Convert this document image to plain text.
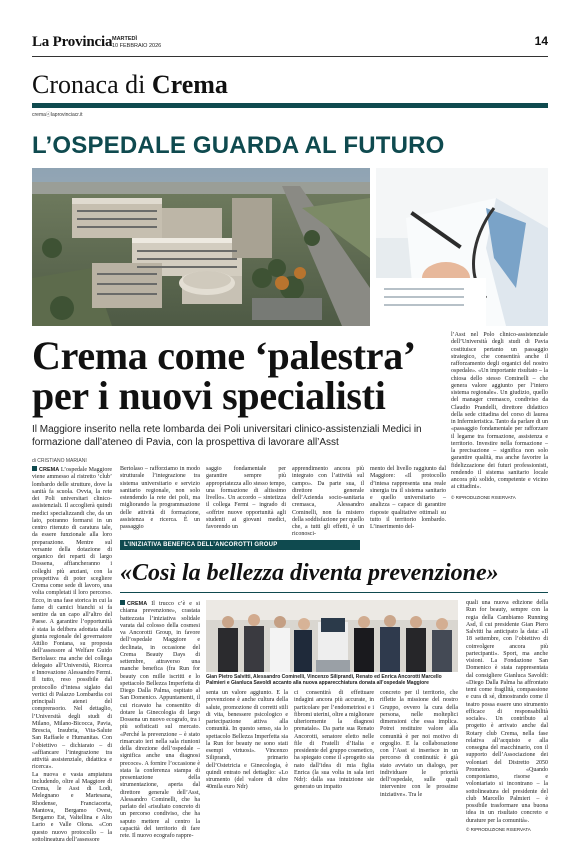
La Provincia MARTEDÌ
10 FEBBRAIO 2026	14
Cronaca di Crema
cremaⓐlaprovinciacr.it
L’OSPEDALE GUARDA AL FUTURO
Crema come ‘palestra’ per i nuovi specialisti
Il Maggiore inserito nella rete lombarda dei Poli universitari clinico-assistenziali Medici in formazione dall’ateneo di Pavia, con la prospettiva di lavorare all’Asst
l’Asst nel Polo clinico-assistenziale dell’Università degli studi di Pavia costituisce pertanto un passaggio strategico, che consentirà anche il rafforzamento degli organici del nostro ospedale». «Un importante risultato – la chiosa dello stesso Cominelli – che genera valore aggiunto per l’intero sistema regionale». Un giudizio, quello del manager cremasco, condiviso da Claudio Prandelli, direttore didattico della sede cittadina del corso di laurea in Infermieristica. Tanto da parlare di un «passaggio fondamentale per rafforzare il legame tra formazione, assistenza e territorio. Investire nella formazione – la precisazione – significa non solo garantire qualità, ma anche favorire la fidelizzazione dei futuri professionisti, rendendo il sistema sanitario locale ancora più solido, competente e vicino ai cittadini».
© RIPRODUZIONE RISERVATA
di CRISTIANO MARIANI
CREMA L’ospedale Maggiore viene ammesso al ristretto ‘club’ lombardo delle strutture, dove la sanità fa scuola. Ovvia, la rete dei Poli universitari clinico-assistenziali. Il accoglierà quindi medici specializzandi che, da un lato, potranno formarsi in un centro ritenuto di caratura tale, da essere funzionale alla loro preparazione. Mentre sul versante della dotazione di organico dei reparti di largo Dossena, affiancheranno i colleghi più anziani, con la prospettiva di poter scegliere Crema come sede di lavoro, una volta completati il loro percorso. Ecco, in una fase storica in cui la fame di camici bianchi si fa sentire da un capo all’altro del Paese. A garantire l’opportunità è stata la delibera adottata dalla giunta regionale del governatore Attilio Fontana, su proposta dell’assessore al Welfare Guido Bertolaso: ma anche del collega delegato all’Università, Ricerca e Innovazione Alessandro Fermi. Il tutto, reso possibile dal protocollo d’intesa siglato dai vertici di Palazzo Lombardia coi principali atenei del comprensorio. Nel dettaglio, l’Università degli studi di Milano, Milano-Bicocca, Pavia, Brescia, Insubria, Vita-Salute San Raffaele e Humanitas. Con l’obiettivo – dichiarato – di «affiancare l’integrazione tra attività assistenziale, didattica e ricerca».
La nuova e vasta ampiatura includendo, oltre al Maggiore di Crema, le Asst di Lodi, Melegnano e Martesana, Rhodense, Franciacorta, Mantova, Bergamo Ovest, Bergamo Est, Valtellina e Alto Lario e Valle Olona. «Con questo nuovo protocollo – la sottolineatura dell’assessore
Bertolaso – rafforziamo in modo strutturale l’integrazione tra sistema universitario e servizio sanitario regionale, non solo estendendo la rete dei poli, ma migliorando la programmazione delle attività di formazione, assistenza e ricerca. È un passaggio
saggio fondamentale per garantire sempre più appropriatezza allo stesso tempo, una formazione di altissimo livello». Un accordo – sintetizza il collega Fermi – ingrado di «offrire nuove opportunità agli studenti ai giovani medici, favorendo un
apprendimento ancora più integrato con l’attività sul campo». Da parte sua, il direttore generale dell’Azienda socio-sanitaria cremasca, Alessandro Cominelli, non fa mistero della soddisfazione per quello che, a tutti gli effetti, è un riconosci-
mento del livello raggiunto dal Maggiore: «Il protocollo d’intesa rappresenta una reale sinergia tra il sistema sanitario e quello universitario – analizza – capace di garantire risposte qualitative ottimali su tutto il territorio lombardo. L’inserimento del-
L’INIZIATIVA BENEFICA DELL’ANCOROTTI GROUP
«Così la bellezza diventa prevenzione»
CREMA Il trucco c’è e si chiama prevenzione», crastata battezzata l’iniziativa solidale varata dal colosso della cosmesi va Ancorotti Group, in favore dell’ospedale Maggiore e declinata, in occasione del Crema Beauty Days di settembre, attraverso una manche benefica (fra Run for beauty con mille iscritti e lo spettacolo Bellezza Imperfetta di Diego Dalla Palma, ospitato al San Domenico. Appuntamenti, il cui ricavato ha consentito di dotare la Ginecologia di largo Dossena un nuovo ecografo, tra i più sofisticati sul mercato. «Perché la prevenzione – è stato rimarcato ieri nella sala riunioni della direzione dell’ospedale – significa anche una diagnosi precoce». A fornire l’occasione è stata la conferenza stampa di presentazione della strumentazione, aperta dal direttore generale dell’Asst, Alessandro Cominelli, che ha parlato del «risultato concreto di un percorso condiviso, che ha saputo mettere al centro la capacità del territorio di fare rete. Il nuovo ecografo rappre-
Gian Pietro Salvitti, Alessandro Cominelli, Vincenzo Siliprandi, Renato ed Enrica Ancorotti Marcello Palmieri e Gianluca Savoldi accanto alla nuova apparecchiatura donata all’ospedale Maggiore
senta un valore aggiunto. E la prevenzione è anche cultura della salute, promozione di corretti stili di vita, benessere psicologico e partecipazione attiva alla comunità. In questo senso, sia lo spettacolo Bellezza Imperfetta sia la Run for beauty ne sono stati esempi virtuosi». Vincenzo Siliprandi, primario dell’Ostetricia e Ginecologia, è quindi entrato nel dettaglio: «Lo strumento (del valore di oltre 40mila euro Ndr)
ci consentirà di effettuare indagini ancora più accurate, in particolare per l’endometriosi e i fibromi uterini, oltre a migliorare ulteriormente la diagnosi prenatale». Da parte sua Renato Ancorotti, senatore eletto nelle file di Fratelli d’Italia e presidente del gruppo cosmetico, ha spiegato come il «progetto sia nato dall’idea di mia figlia Enrica (la sua volta in sala ieri Ndr): dalla sua intuizione sie generato un impatto
concreto per il territorio, che riflette la missione del nostro Gruppo, ovvero la cura della persona, nelle molteplici dimensioni che essa implica. Potrei restituire valore alla comunità è per noi motivo di orgoglio. E la collaborazione con l’Asst si inserisce in un percorso di continuità: è già stato avviato un dialogo, per individuare le priorità dell’ospedale, sulle quali intervenire con le prossime iniziative». Tra le
quali una nuova edizione della Run for beauty, sempre con la regia della Cambiamo Running Asd, il cui presidente Gian Piero Salvitti ha anticipato la data: «Il 18 settembre, con l’obiettivo di coinvolgere ancora più partecipanti». Sport, ma anche visioni. La Fondazione San Domenico è stata rappresentata dal consigliere Gianluca Savoldi: «Diego Dalla Palma ha affrontato temi come fragilità, compassione e cura di sé, dimostrando come il teatro possa essere uno strumento efficace di responsabilità sociale». Un contributo al progetto è arrivato anche dal Rotary club Crema, nella fase relativa all’acquisto e alla consegna del macchinario, con il supporto dell’Associazione dei volontari del Distretto 2050 Prometeo. «Quando componiamo, risorse e volontariato si incontrano – la sottolineatura del presidente del club Marcello Palmieri – è possibile trasformare una buona idea in un risultato concreto e durature per la comunità».
© RIPRODUZIONE RISERVATA
